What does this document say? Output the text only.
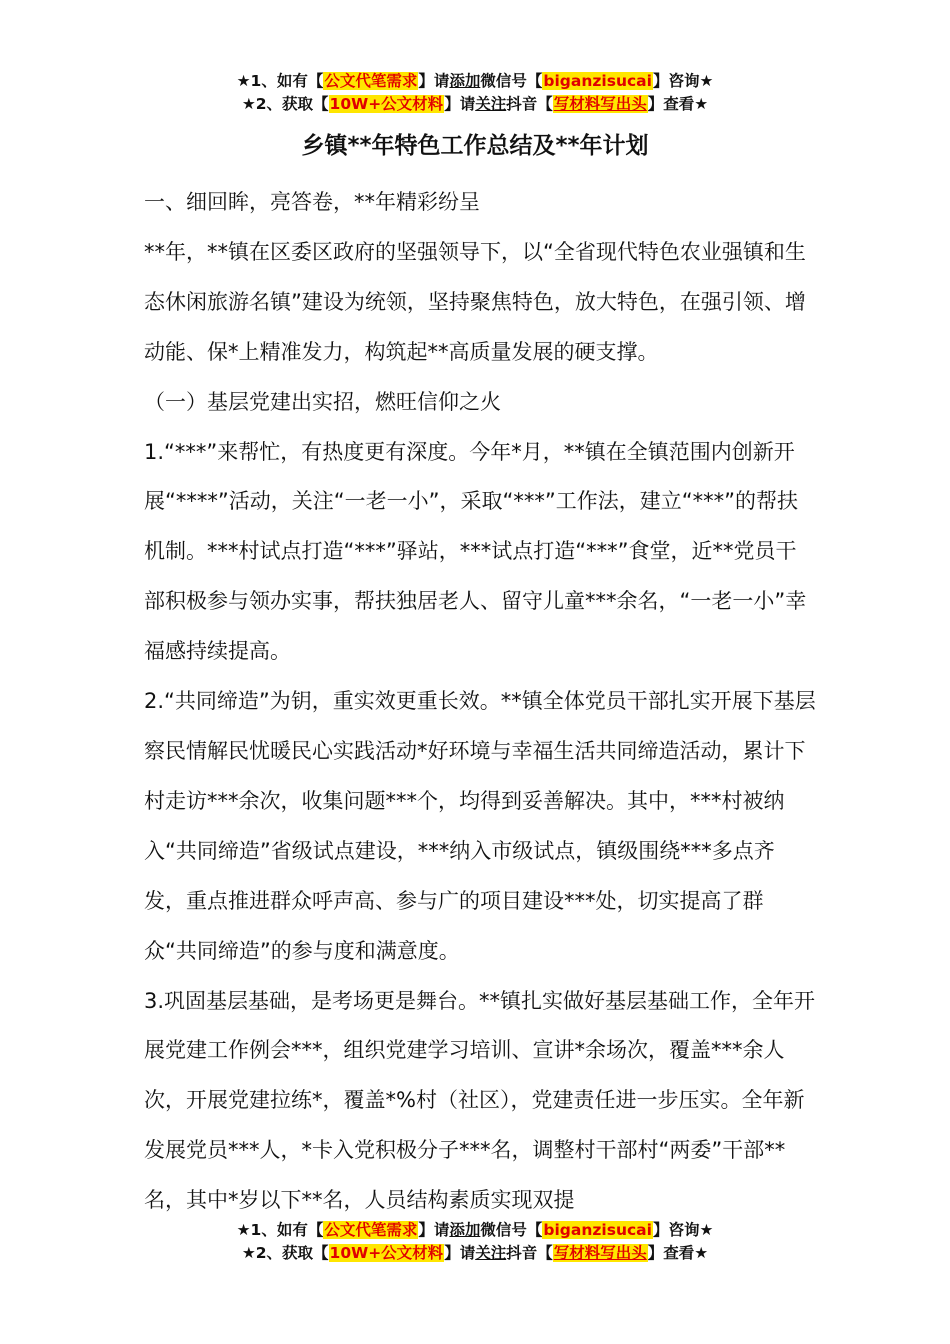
★1、如有【公文代笔需求】请添加微信号【biganzisucai】咨询★
★2、获取【10W+公文材料】请关注抖音【写材料写出头】查看★
乡镇**年特色工作总结及**年计划

一、细回眸，亮答卷，**年精彩纷呈

**年，**镇在区委区政府的坚强领导下，以“全省现代特色农业强镇和生态休闲旅游名镇”建设为统领，坚持聚焦特色，放大特色，在强引领、增动能、保*上精准发力，构筑起**高质量发展的硬支撑。

（一）基层党建出实招，燃旺信仰之火

1.“***”来帮忙，有热度更有深度。今年*月，**镇在全镇范围内创新开展“****”活动，关注“一老一小”，采取“***”工作法，建立“***”的帮扶机制。***村试点打造“***”驿站，***试点打造“***”食堂，近**党员干部积极参与领办实事，帮扶独居老人、留守儿童***余名，“一老一小”幸福感持续提高。

2.“共同缔造”为钥，重实效更重长效。**镇全体党员干部扎实开展下基层察民情解民忧暖民心实践活动*好环境与幸福生活共同缔造活动，累计下村走访***余次，收集问题***个，均得到妥善解决。其中，***村被纳入“共同缔造”省级试点建设，***纳入市级试点，镇级围绕***多点齐发，重点推进群众呼声高、参与广的项目建设***处，切实提高了群众“共同缔造”的参与度和满意度。

3.巩固基层基础，是考场更是舞台。**镇扎实做好基层基础工作，全年开展党建工作例会***，组织党建学习培训、宣讲*余场次，覆盖***余人次，开展党建拉练*，覆盖*%村（社区），党建责任进一步压实。全年新发展党员***人，*卡入党积极分子***名，调整村干部村“两委”干部**名，其中*岁以下**名，人员结构素质实现双提

★1、如有【公文代笔需求】请添加微信号【biganzisucai】咨询★
★2、获取【10W+公文材料】请关注抖音【写材料写出头】查看★
